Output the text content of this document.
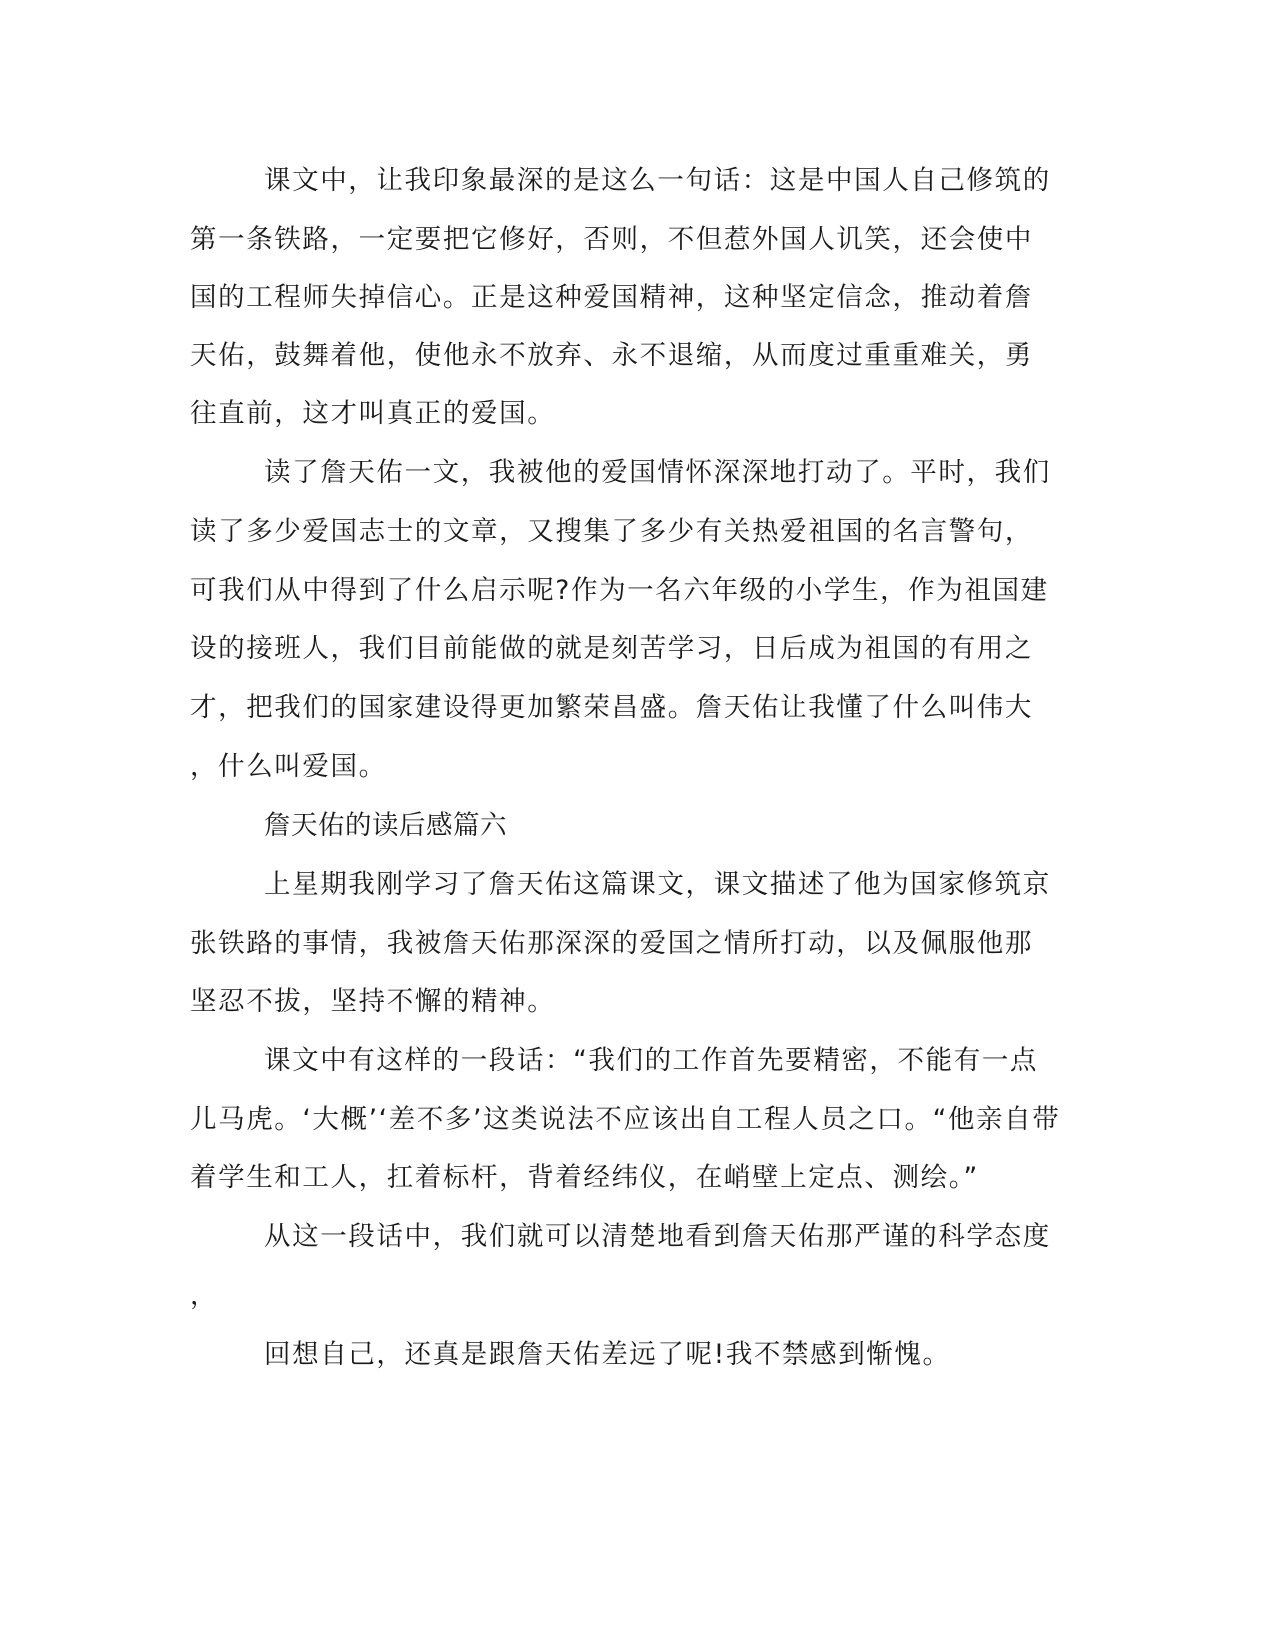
课文中，让我印象最深的是这么一句话：这是中国人自己修筑的
第一条铁路，一定要把它修好，否则，不但惹外国人讥笑，还会使中
国的工程师失掉信心。正是这种爱国精神，这种坚定信念，推动着詹
天佑，鼓舞着他，使他永不放弃、永不退缩，从而度过重重难关，勇
往直前，这才叫真正的爱国。
读了詹天佑一文，我被他的爱国情怀深深地打动了。平时，我们
读了多少爱国志士的文章，又搜集了多少有关热爱祖国的名言警句，
可我们从中得到了什么启示呢?作为一名六年级的小学生，作为祖国建
设的接班人，我们目前能做的就是刻苦学习，日后成为祖国的有用之
才，把我们的国家建设得更加繁荣昌盛。詹天佑让我懂了什么叫伟大
，什么叫爱国。
詹天佑的读后感篇六
上星期我刚学习了詹天佑这篇课文，课文描述了他为国家修筑京
张铁路的事情，我被詹天佑那深深的爱国之情所打动，以及佩服他那
坚忍不拔，坚持不懈的精神。
课文中有这样的一段话：“我们的工作首先要精密，不能有一点
儿马虎。‘大概’‘差不多’这类说法不应该出自工程人员之口。“他亲自带
着学生和工人，扛着标杆，背着经纬仪，在峭壁上定点、测绘。”
从这一段话中，我们就可以清楚地看到詹天佑那严谨的科学态度
，
回想自己，还真是跟詹天佑差远了呢!我不禁感到惭愧。
